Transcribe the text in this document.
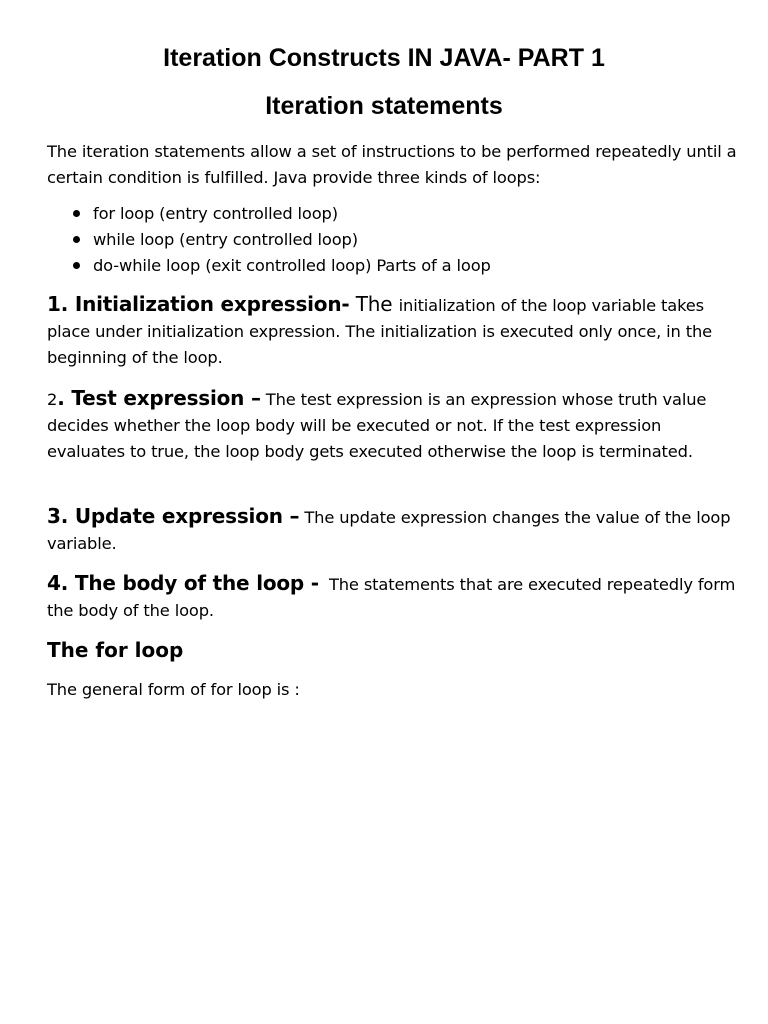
Iteration Constructs IN JAVA- PART 1
Iteration statements

The iteration statements allow a set of instructions to be performed repeatedly until a certain condition is fulfilled. Java provide three kinds of loops:

for loop (entry controlled loop)
while loop (entry controlled loop)
do-while loop (exit controlled loop) Parts of a loop

1. Initialization expression- The initialization of the loop variable takes place under initialization expression. The initialization is executed only once, in the beginning of the loop.

2. Test expression – The test expression is an expression whose truth value decides whether the loop body will be executed or not. If the test expression evaluates to true, the loop body gets executed otherwise the loop is terminated.

3. Update expression – The update expression changes the value of the loop variable.

4. The body of the loop -  The statements that are executed repeatedly form the body of the loop.

The for loop

The general form of for loop is :
